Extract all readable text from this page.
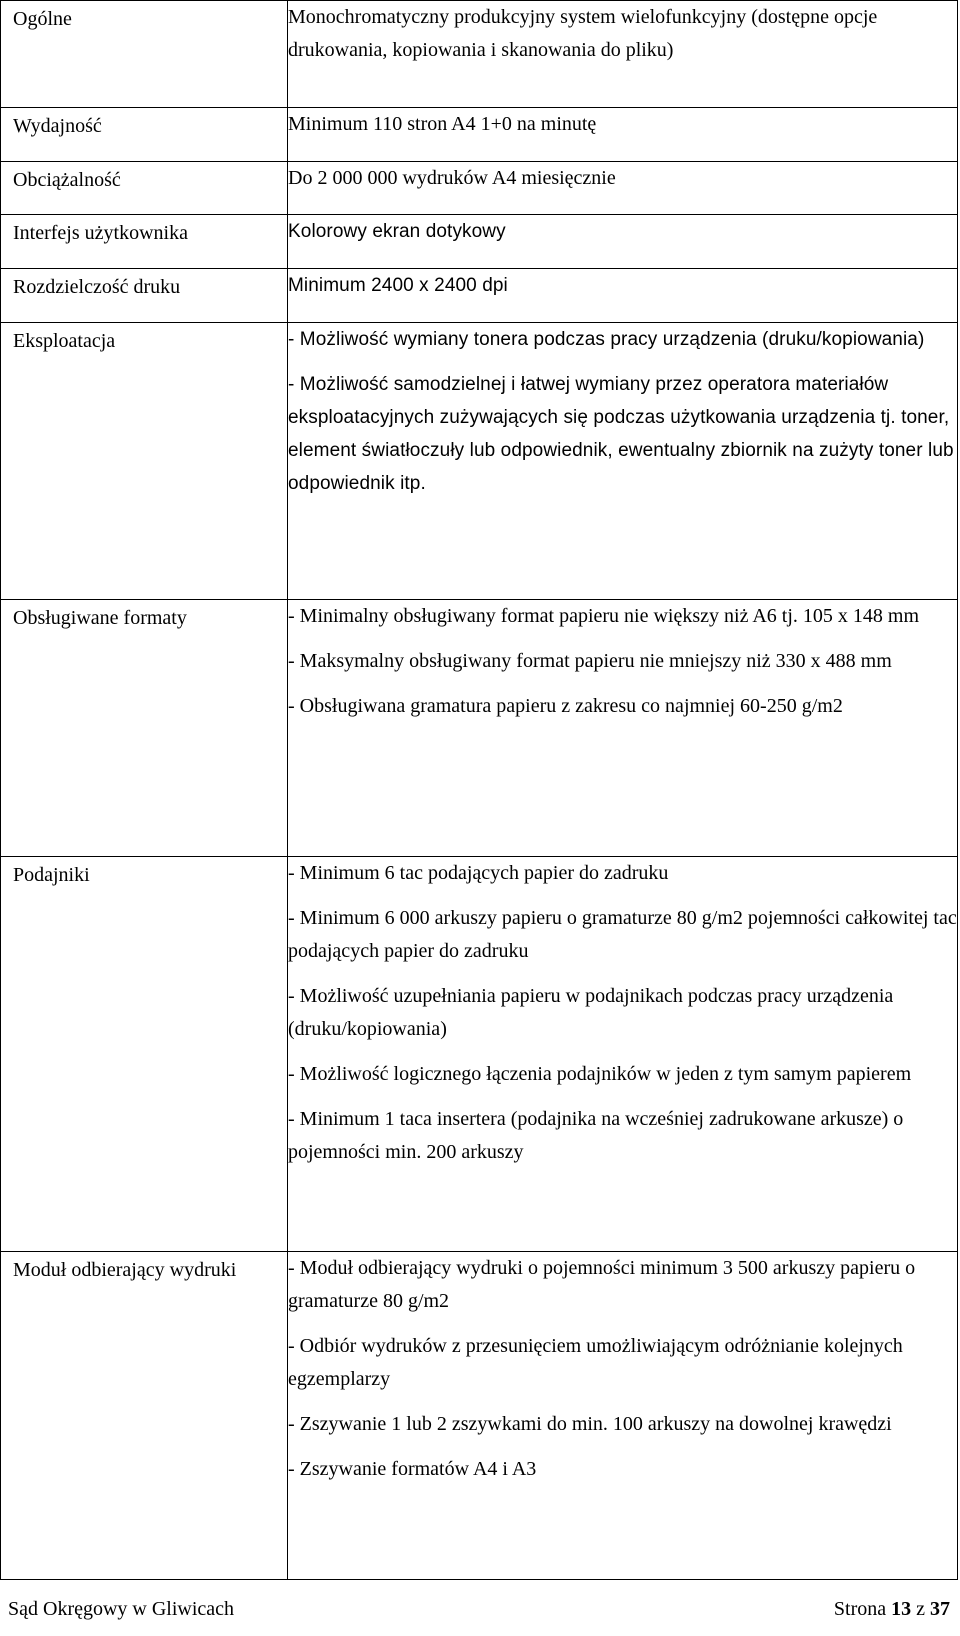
Ogólne	Monochromatyczny produkcyjny system wielofunkcyjny (dostępne opcje drukowania, kopiowania i skanowania do pliku)

Wydajność	Minimum 110 stron A4 1+0 na minutę

Obciążalność	Do 2 000 000 wydruków A4 miesięcznie

Interfejs użytkownika	Kolorowy ekran dotykowy

Rozdzielczość druku	Minimum 2400 x 2400 dpi

Eksploatacja	- Możliwość wymiany tonera podczas pracy urządzenia (druku/kopiowania)

- Możliwość samodzielnej i łatwej wymiany przez operatora materiałów eksploatacyjnych zużywających się podczas użytkowania urządzenia tj. toner, element światłoczuły lub odpowiednik, ewentualny zbiornik na zużyty toner lub odpowiednik itp.

Obsługiwane formaty	- Minimalny obsługiwany format papieru nie większy niż A6 tj. 105 x 148 mm

- Maksymalny obsługiwany format papieru nie mniejszy niż 330 x 488 mm

- Obsługiwana gramatura papieru z zakresu co najmniej 60-250 g/m2

Podajniki	- Minimum 6 tac podających papier do zadruku

- Minimum 6 000 arkuszy papieru o gramaturze 80 g/m2 pojemności całkowitej tac podających papier do zadruku

- Możliwość uzupełniania papieru w podajnikach podczas pracy urządzenia (druku/kopiowania)

- Możliwość logicznego łączenia podajników w jeden z tym samym papierem

- Minimum 1 taca insertera (podajnika na wcześniej zadrukowane arkusze) o pojemności min. 200 arkuszy

Moduł odbierający wydruki	- Moduł odbierający wydruki o pojemności minimum 3 500 arkuszy papieru o gramaturze 80 g/m2

- Odbiór wydruków z przesunięciem umożliwiającym odróżnianie kolejnych egzemplarzy

- Zszywanie 1 lub 2 zszywkami do min. 100 arkuszy na dowolnej krawędzi

- Zszywanie formatów A4 i A3

Sąd Okręgowy w Gliwicach	Strona 13 z 37
